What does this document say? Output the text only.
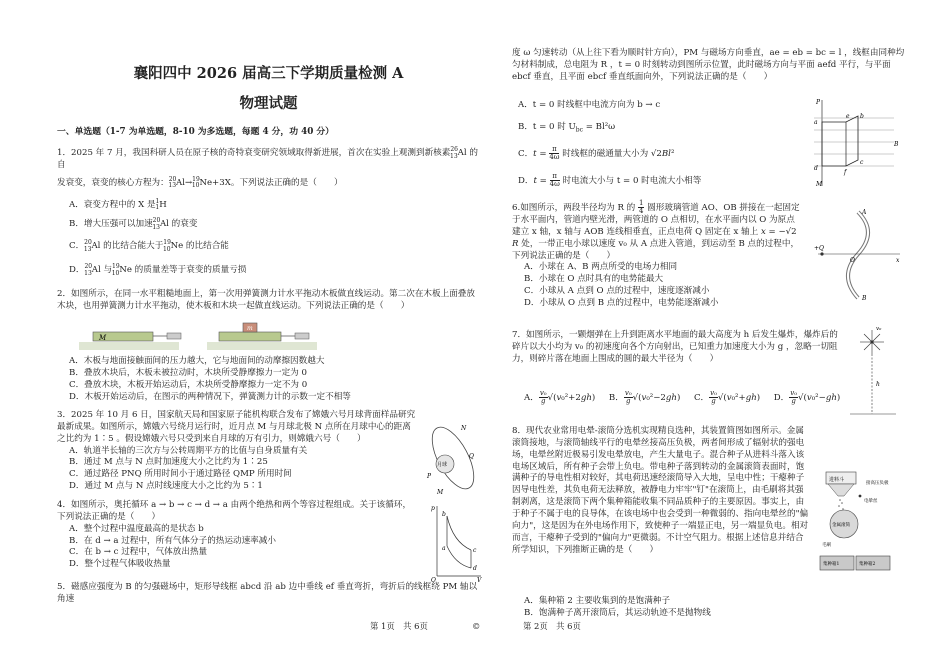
襄阳四中 2026 届高三下学期质量检测 A
物理试题
一、单选题（1-7 为单选题，8-10 为多选题，每题 4 分，功 40 分）

1．2025 年 7 月，我国科研人员在原子核的奇特衰变研究领域取得新进展，首次在实验上观测到新核素$^{26}_{13}$Al 的自

发衰变，衰变的核心方程为：$^{20}_{13}$Al→$^{19}_{10}$Ne+3X。下列说法正确的是（　　）

A．衰变方程中的 X 是$^1_1$H

B．增大压强可以加速$^{20}_{13}$Al 的衰变

C．$^{20}_{13}$Al 的比结合能大于$^{19}_{10}$Ne 的比结合能

D．$^{20}_{13}$Al 与$^{19}_{10}$Ne 的质量差等于衰变的质量亏损

2．如图所示，在同一水平粗糙地面上，第一次用弹簧测力计水平拖动木板做直线运动。第二次在木板上面叠放木块，也用弹簧测力计水平拖动，使木板和木块一起做直线运动。下列说法正确的是（　　）

M
m

A．木板与地面接触面间的压力越大，它与地面间的动摩擦因数越大

B．叠放木块后，木板未被拉动时，木块所受静摩擦力一定为 0

C．叠放木块，木板开始运动后，木块所受静摩擦力一定不为 0

D．木板开始运动后，在图示的两种情况下，弹簧测力计的示数一定不相等

3．2025 年 10 月 6 日，国家航天局和国家原子能机构联合发布了嫦娥六号月球背面样品研究最新成果。如图所示，嫦娥六号绕月运行时，近月点 M 与月球北极 N 点所在月球中心的距离之比约为 1∶5 。假设嫦娥六号只受到来自月球的万有引力，则嫦娥六号（　　）

A．轨道半长轴的三次方与公转周期平方的比值与自身质量有关

B．通过 M 点与 N 点时加速度大小之比约为 1∶25

C．通过路径 PNQ 所用时间小于通过路径 QMP 所用时间

D．通过 M 点与 N 点时线速度大小之比约为 5∶1

N
Q
月球
P
M

4．如图所示，奥托循环 a → b → c → d → a 由两个绝热和两个等容过程组成。关于该循环，下列说法正确的是（　　）

A．整个过程中温度最高的是状态 b

B．在 d → a 过程中，所有气体分子的热运动速率减小

C．在 b → c 过程中，气体放出热量

D．整个过程气体吸收热量

p
b
c
a
d
O	V

5．磁感应强度为 B 的匀强磁场中，矩形导线框 abcd 沿 ab 边中垂线 ef 垂直弯折，弯折后的线框绕 PM 轴以角速

度 ω 匀速转动（从上往下看为顺时针方向），PM 与磁场方向垂直，ae = eb = bc = l ，线框由同种均匀材料制成，总电阻为 R ，t = 0 时刻转动到图所示位置，此时磁场方向与平面 aefd 平行，与平面 ebcf 垂直，且平面 ebcf 垂直纸面向外，下列说法正确的是（　　）

A．t = 0 时线框中电流方向为 b → c

B．t = 0 时 $U_{bc} = Bl^2\omega$

C．$t = \frac{\pi}{4\omega}$ 时线框的磁通量大小为 √2Bl²

D．$t = \frac{\pi}{4\omega}$ 时电流大小与 t = 0 时电流大小相等

P
a
e b
B
d
f
c
M

6.如图所示，两段半径均为 R 的 $\frac{1}{4}$ 圆形玻璃管道 AO、OB 拼接在一起固定于水平面内，管道内壁光滑，两管道的 O 点相切，在水平面内以 O 为原点建立 x 轴，x 轴与 AOB 连线相垂直，正点电荷 Q 固定在 x 轴上 x = −√2 R 处，一带正电小球以速度 v₀ 从 A 点进入管道，到运动至 B 点的过程中，下列说法正确的是（　　）

A．小球在 A、B 两点所受的电场力相同

B．小球在 O 点时具有的电势能最大

C．小球从 A 点到 O 点的过程中，速度逐渐减小

D．小球从 O 点到 B 点的过程中，电势能逐渐减小

A
+Q
O	x
B

7．如图所示，一颗烟弹在上升到距离水平地面的最大高度为 h 后发生爆炸，爆炸后的碎片以大小均为 v₀ 的初速度向各个方向射出，已知重力加速度大小为 g ，忽略一切阻力，则碎片落在地面上围成的圆的最大半径为（　　）

A． $\frac{\text{v₀}}{g} √(v_0^2+2gh)$     B． $\frac{\text{v₀}}{g} √(v_0^2-2gh)$     C． $\frac{\text{v₀}}{g} √(v_0^2+gh)$     D． $\frac{\text{v₀}}{g} √(v_0^2-gh)$

v₀
h

8．现代农业常用电晕-滚筒分选机实现精良选种，其装置简图如图所示。金属滚筒接地，与滚筒轴线平行的电晕丝接高压负极，两者间形成了辐射状的强电场，电晕丝附近极易引发电晕放电，产生大量电子。混合种子从进料斗落入该电场区域后，所有种子会带上负电。带电种子落到转动的金属滚筒表面时，饱满种子的导电性相对较好，其电荷迅速经滚筒导入大地，呈电中性；干瘪种子因导电性差，其负电荷无法释放，被静电力牢牢"钉"在滚筒上，由毛刷将其强制剥离，这是滚筒下两个集种箱能收集不同品质种子的主要原因。事实上，由于种子不属于电的良导体，在该电场中也会受到一种微弱的、指向电晕丝的"偏向力"，这是因为在外电场作用下，致使种子一端显正电，另一端显负电。相对而言，干瘪种子受到的"偏向力"更微弱。不计空气阻力。根据上述信息并结合所学知识，下列推断正确的是（　　）

A．集种箱 2 主要收集到的是饱满种子

B．饱满种子离开滚筒后，其运动轨迹不是抛物线

进料斗
接高压负极
电晕丝
金属滚筒
毛刷
集种箱1	集种箱2
第 1页　共 6页	©	第 2页　共 6页
